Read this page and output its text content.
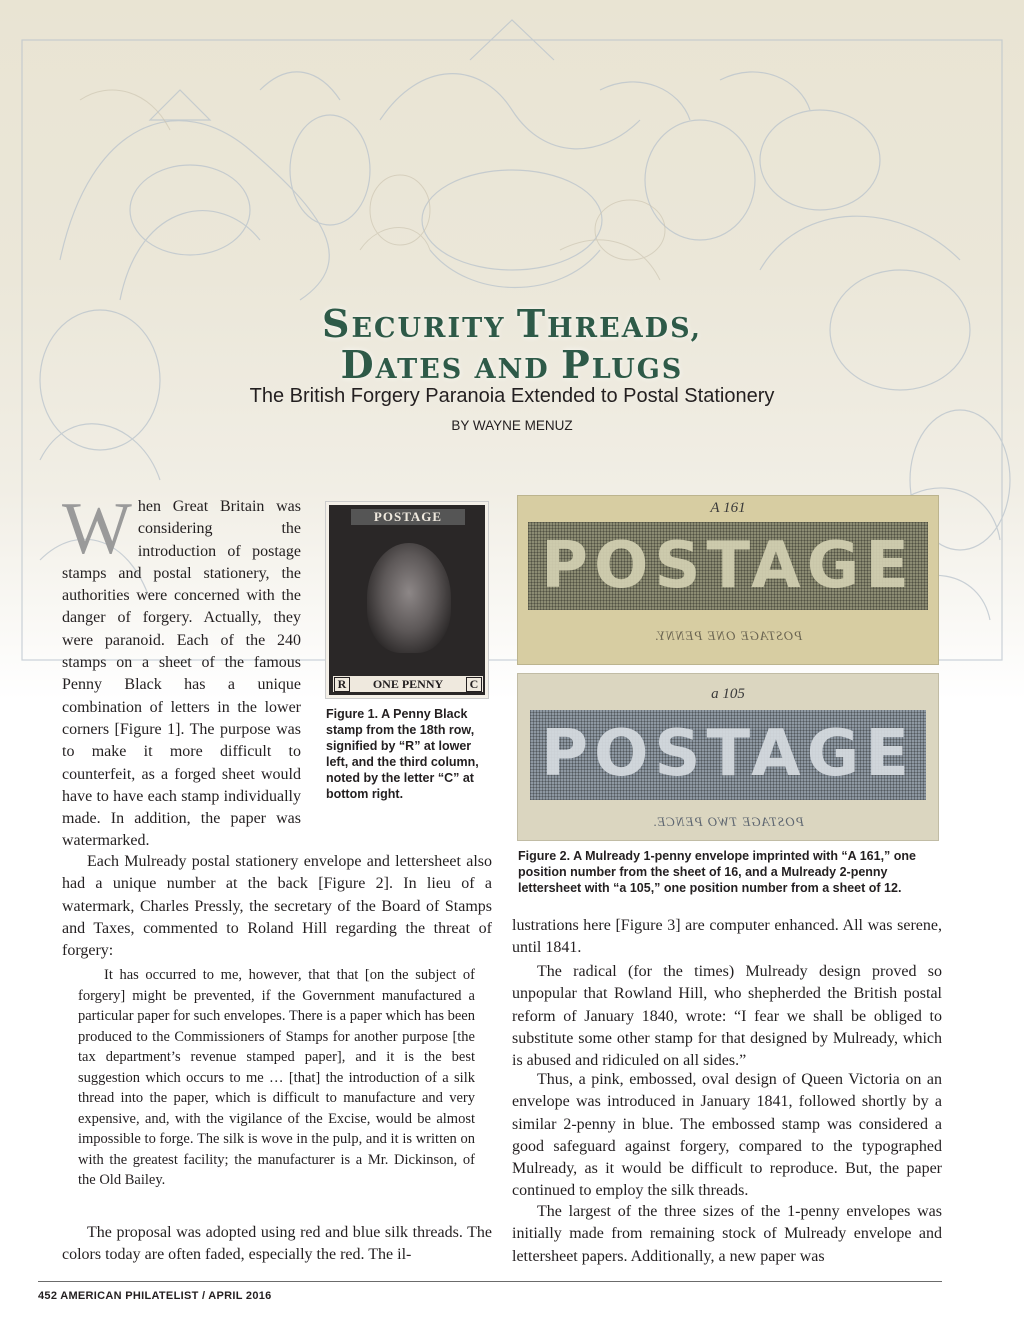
SECURITY THREADS,
DATES AND PLUGS
The British Forgery Paranoia Extended to Postal Stationery
BY WAYNE MENUZ

When Great Britain was considering the introduction of postage stamps and postal stationery, the authorities were concerned with the danger of forgery. Actually, they were paranoid. Each of the 240 stamps on a sheet of the famous Penny Black has a unique combination of letters in the lower corners [Figure 1]. The purpose was to make it more difficult to counterfeit, as a forged sheet would have to have each stamp individually made. In addition, the paper was watermarked.

POSTAGE
R	ONE PENNY	C

Figure 1. A Penny Black stamp from the 18th row, signified by “R” at lower left, and the third column, noted by the letter “C” at bottom right.

A 161
POSTAGE
POSTAGE ONE PENNY.
a 105
POSTAGE
POSTAGE TWO PENCE.

Figure 2. A Mulready 1-penny envelope imprinted with “A 161,” one position number from the sheet of 16, and a Mulready 2-penny lettersheet with “a 105,” one position number from a sheet of 12.

Each Mulready postal stationery envelope and lettersheet also had a unique number at the back [Figure 2]. In lieu of a watermark, Charles Pressly, the secretary of the Board of Stamps and Taxes, commented to Roland Hill regarding the threat of forgery:

It has occurred to me, however, that that [on the subject of forgery] might be prevented, if the Government manufactured a particular paper for such envelopes. There is a paper which has been produced to the Commissioners of Stamps for another purpose [the tax department’s revenue stamped paper], and it is the best suggestion which occurs to me … [that] the introduction of a silk thread into the paper, which is difficult to manufacture and very expensive, and, with the vigilance of the Excise, would be almost impossible to forge. The silk is wove in the pulp, and it is written on with the greatest facility; the manufacturer is a Mr. Dickinson, of the Old Bailey.

The proposal was adopted using red and blue silk threads. The colors today are often faded, especially the red. The il-

lustrations here [Figure 3] are computer enhanced. All was serene, until 1841.

The radical (for the times) Mulready design proved so unpopular that Rowland Hill, who shepherded the British postal reform of January 1840, wrote: “I fear we shall be obliged to substitute some other stamp for that designed by Mulready, which is abused and ridiculed on all sides.”

Thus, a pink, embossed, oval design of Queen Victoria on an envelope was introduced in January 1841, followed shortly by a similar 2-penny in blue. The embossed stamp was considered a good safeguard against forgery, compared to the typographed Mulready, as it would be difficult to reproduce. But, the paper continued to employ the silk threads.

The largest of the three sizes of the 1-penny envelopes was initially made from remaining stock of Mulready envelope and lettersheet papers. Additionally, a new paper was

452 AMERICAN PHILATELIST / APRIL 2016
